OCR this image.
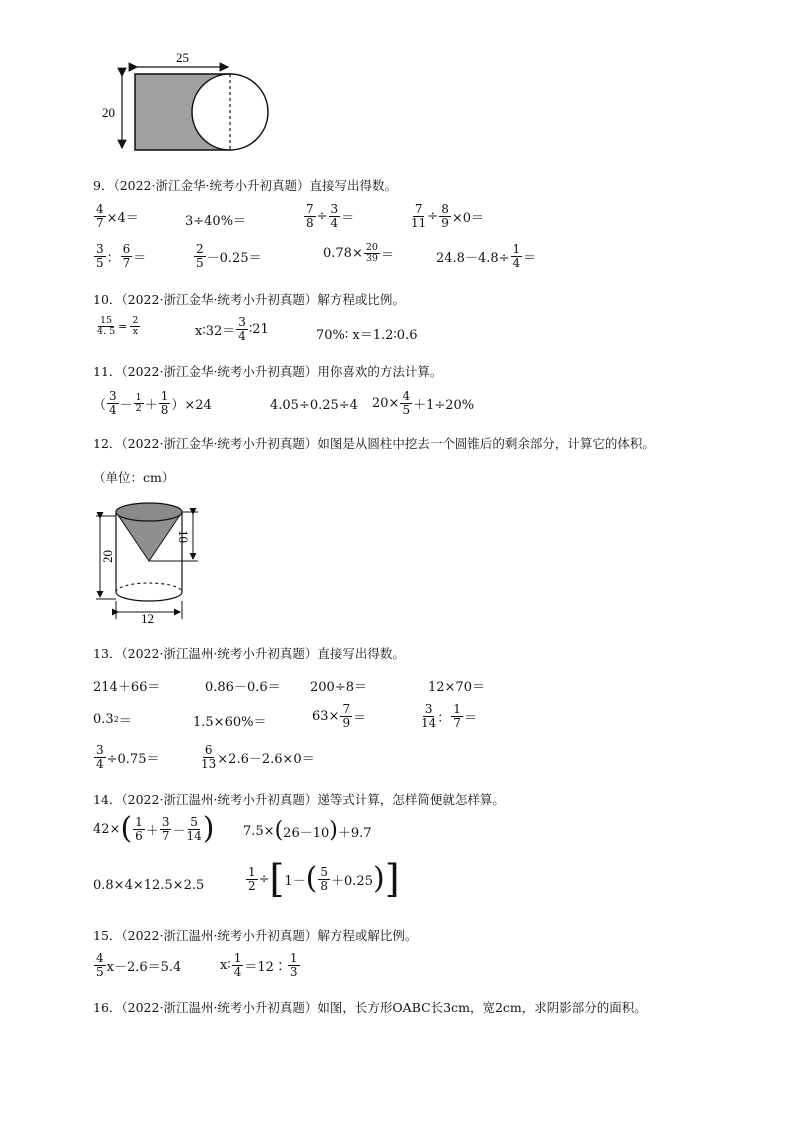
25
20
9．（2022·浙江金华·统考小升初真题）直接写出得数。
$\frac{4}{7} \times 4=$	3÷40%＝	$\frac{7}{8} \div \frac{3}{4}$ ＝	$\frac{7}{11} \div \frac{8}{9} \times 0=$
$\frac{3}{5}$ ： $\frac{6}{7}$ ＝	$\frac{2}{5} -0.25=$	$0.78\times \frac{20}{39}$ ＝	$24.8-4.8\div \frac{1}{4}$ ＝
10．（2022·浙江金华·统考小升初真题）解方程或比例。
$\frac{15}{4. 5} = \frac{2}{x}$	x∶32＝ $\frac{3}{4}$ ∶21	70%∶ x＝1.2∶0.6
11．（2022·浙江金华·统考小升初真题）用你喜欢的方法计算。
（ $\frac{3}{4} - \frac{1}{2} + \frac{1}{8} )\times 24$	4.05÷0.25÷4 $20\times \frac{4}{5} +1\div 20\%$
12．（2022·浙江金华·统考小升初真题）如图是从圆柱中挖去一个圆锥后的剩余部分，计算它的体积。
（单位：cm）
20
10
12
13．（2022·浙江温州·统考小升初真题）直接写出得数。
214＋66＝	0.86－0.6＝ 200÷8＝	12×70＝
0.3 2 ＝	1.5×60%＝	$63\times \frac{7}{9}$ ＝	$\frac{3}{14}$ ： $\frac{1}{7}$ ＝
$\frac{3}{4} \div 0.75=$	$\frac{6}{13} \times 2.6-2.6\times 0=$
14．（2022·浙江温州·统考小升初真题）递等式计算，怎样简便就怎样算。
42× ( $\frac{1}{6} + \frac{3}{7} - \frac{5}{14}$ ) 7.5× ( 26－10 ) ＋9.7
0.8×4×12.5×2.5	$\frac{1}{2}$ ÷ [ 1－ ( $\frac{5}{8} +0.25$ ) ]
15．（2022·浙江温州·统考小升初真题）解方程或解比例。
$\frac{4}{5} x-2.6=5.4$	x∶ $\frac{1}{4}$ ＝12∶ $\frac{1}{3}$
16．（2022·浙江温州·统考小升初真题）如图，长方形OABC长3cm，宽2cm，求阴影部分的面积。
